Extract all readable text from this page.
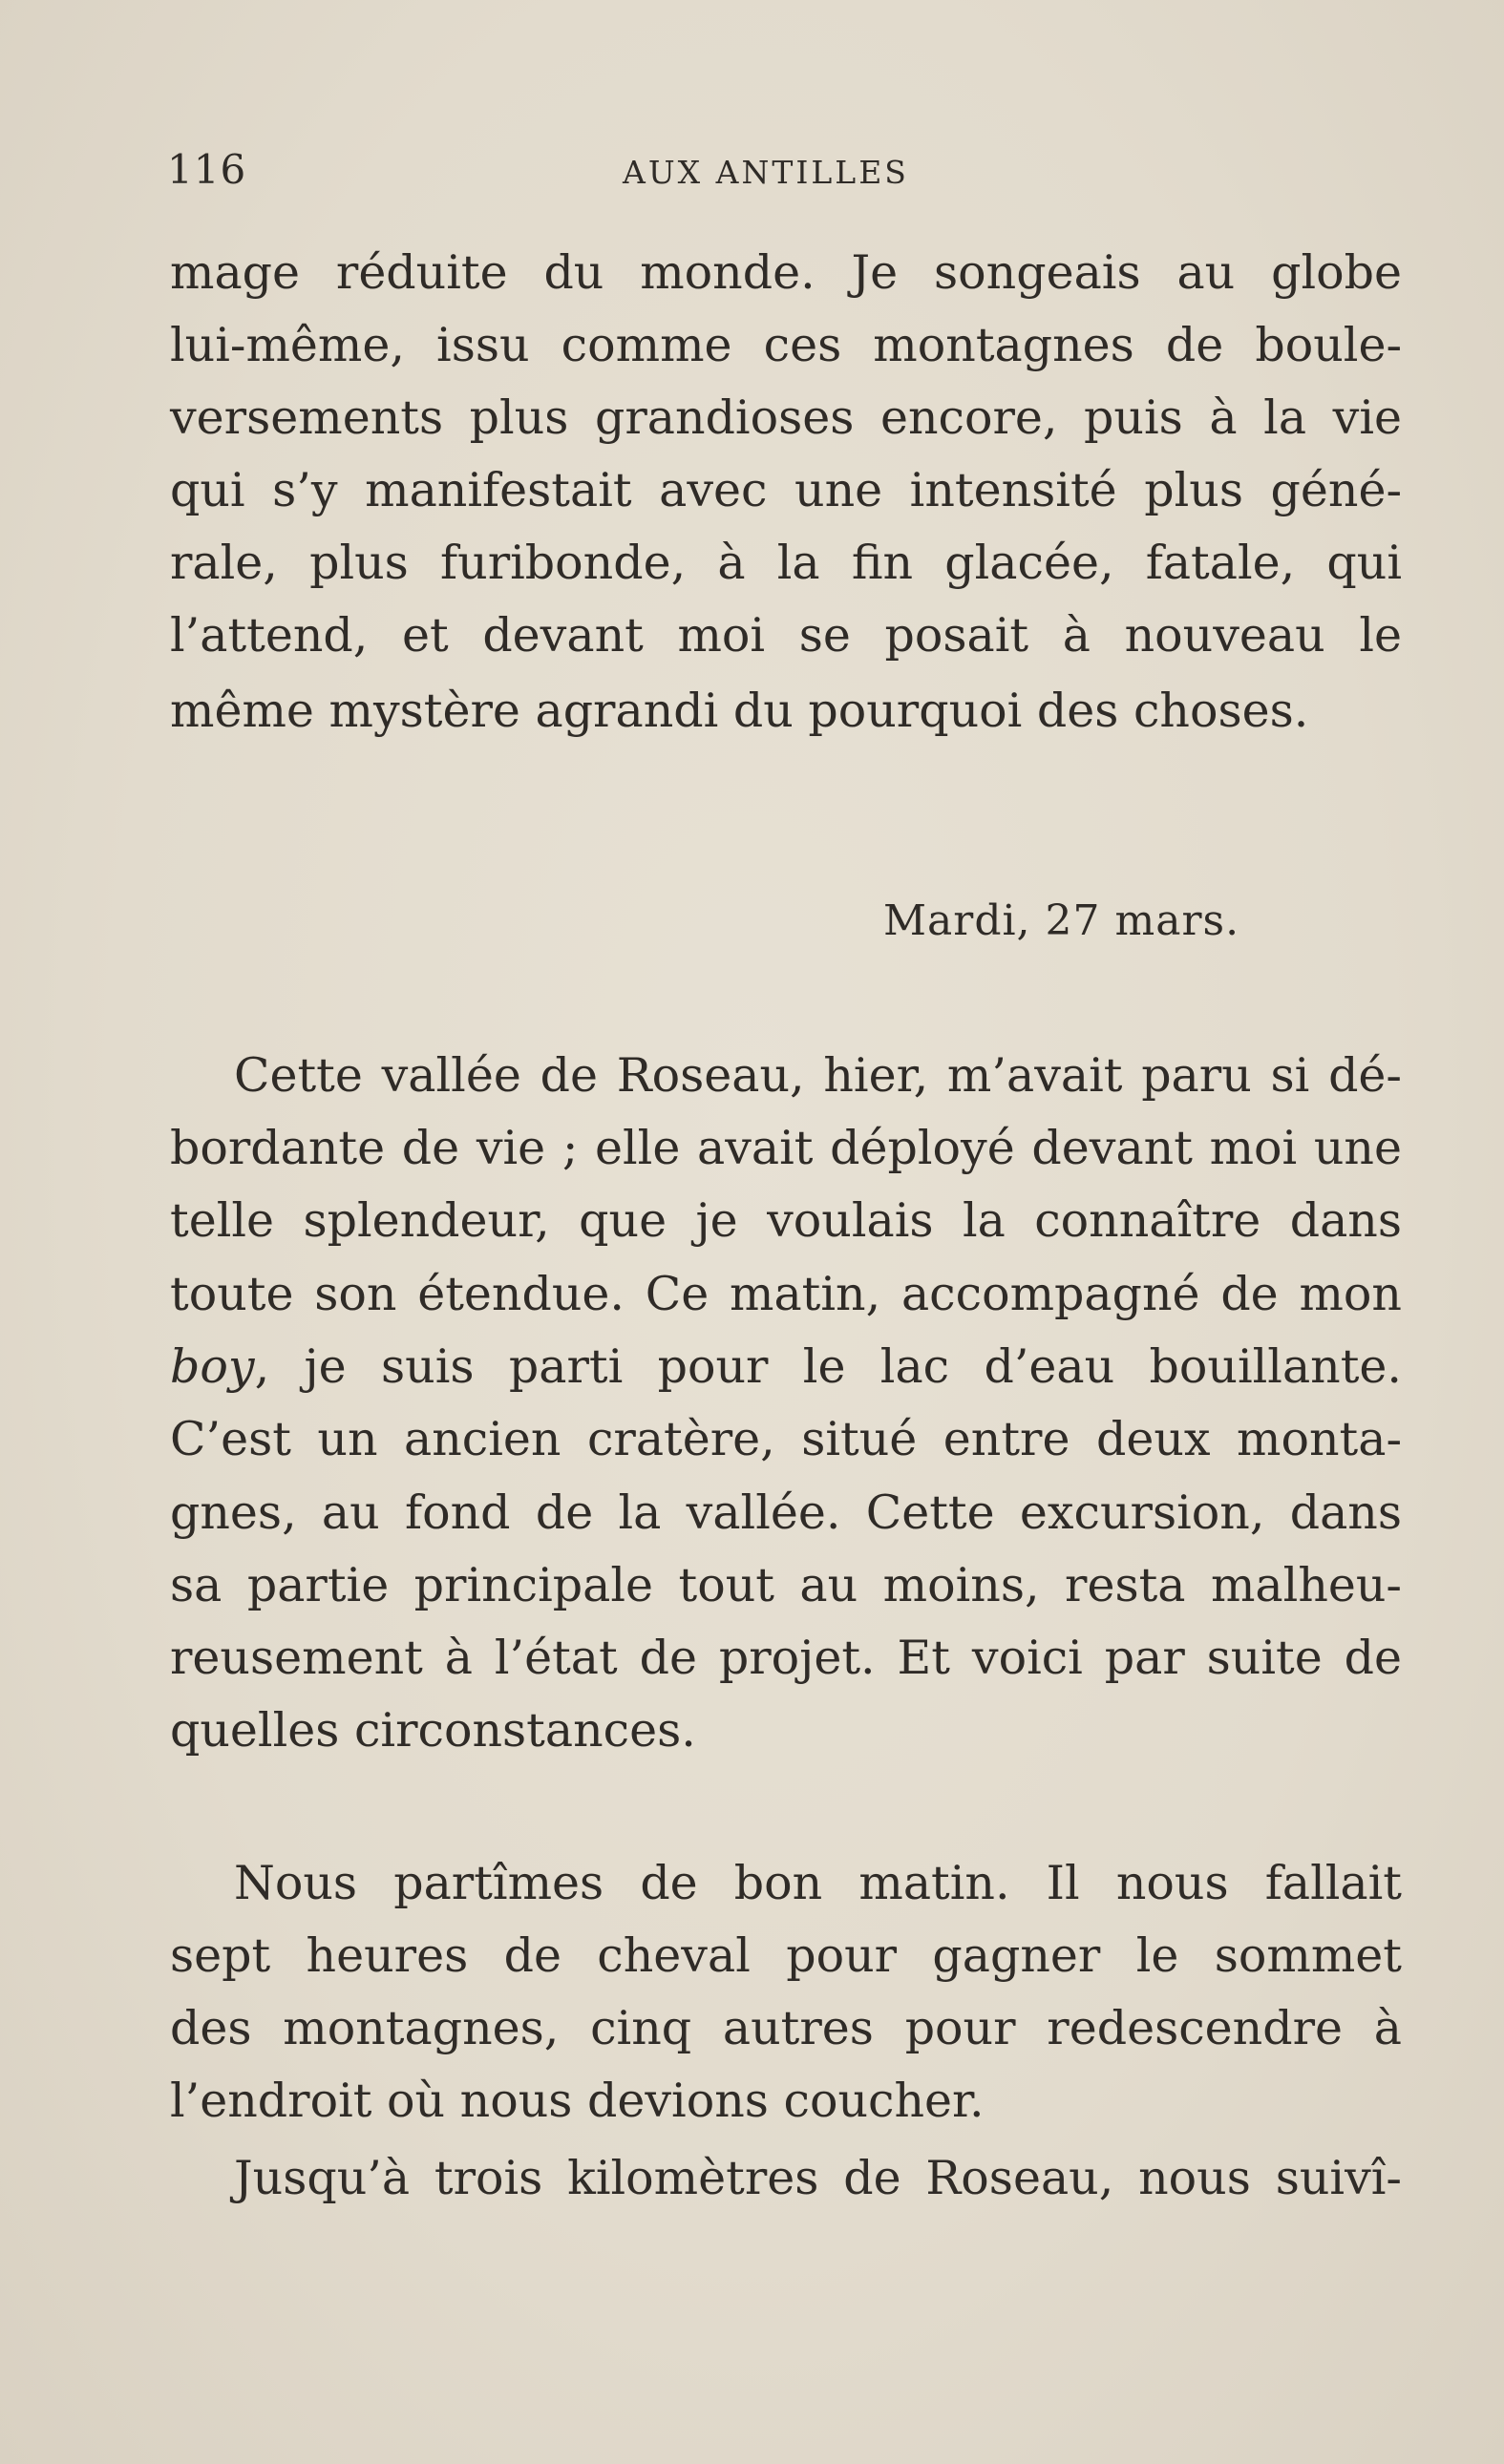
116	AUX ANTILLES
mage réduite du monde. Je songeais au globe
lui-même, issu comme ces montagnes de boule-
versements plus grandioses encore, puis à la vie
qui s’y manifestait avec une intensité plus géné-
rale, plus furibonde, à la fin glacée, fatale, qui
l’attend, et devant moi se posait à nouveau le
même mystère agrandi du pourquoi des choses.
Mardi, 27 mars.
Cette vallée de Roseau, hier, m’avait paru si dé-
bordante de vie ; elle avait déployé devant moi une
telle splendeur, que je voulais la connaître dans
toute son étendue. Ce matin, accompagné de mon
boy, je suis parti pour le lac d’eau bouillante.
C’est un ancien cratère, situé entre deux monta-
gnes, au fond de la vallée. Cette excursion, dans
sa partie principale tout au moins, resta malheu-
reusement à l’état de projet. Et voici par suite de
quelles circonstances.
Nous partîmes de bon matin. Il nous fallait
sept heures de cheval pour gagner le sommet
des montagnes, cinq autres pour redescendre à
l’endroit où nous devions coucher.
Jusqu’à trois kilomètres de Roseau, nous suivî-
